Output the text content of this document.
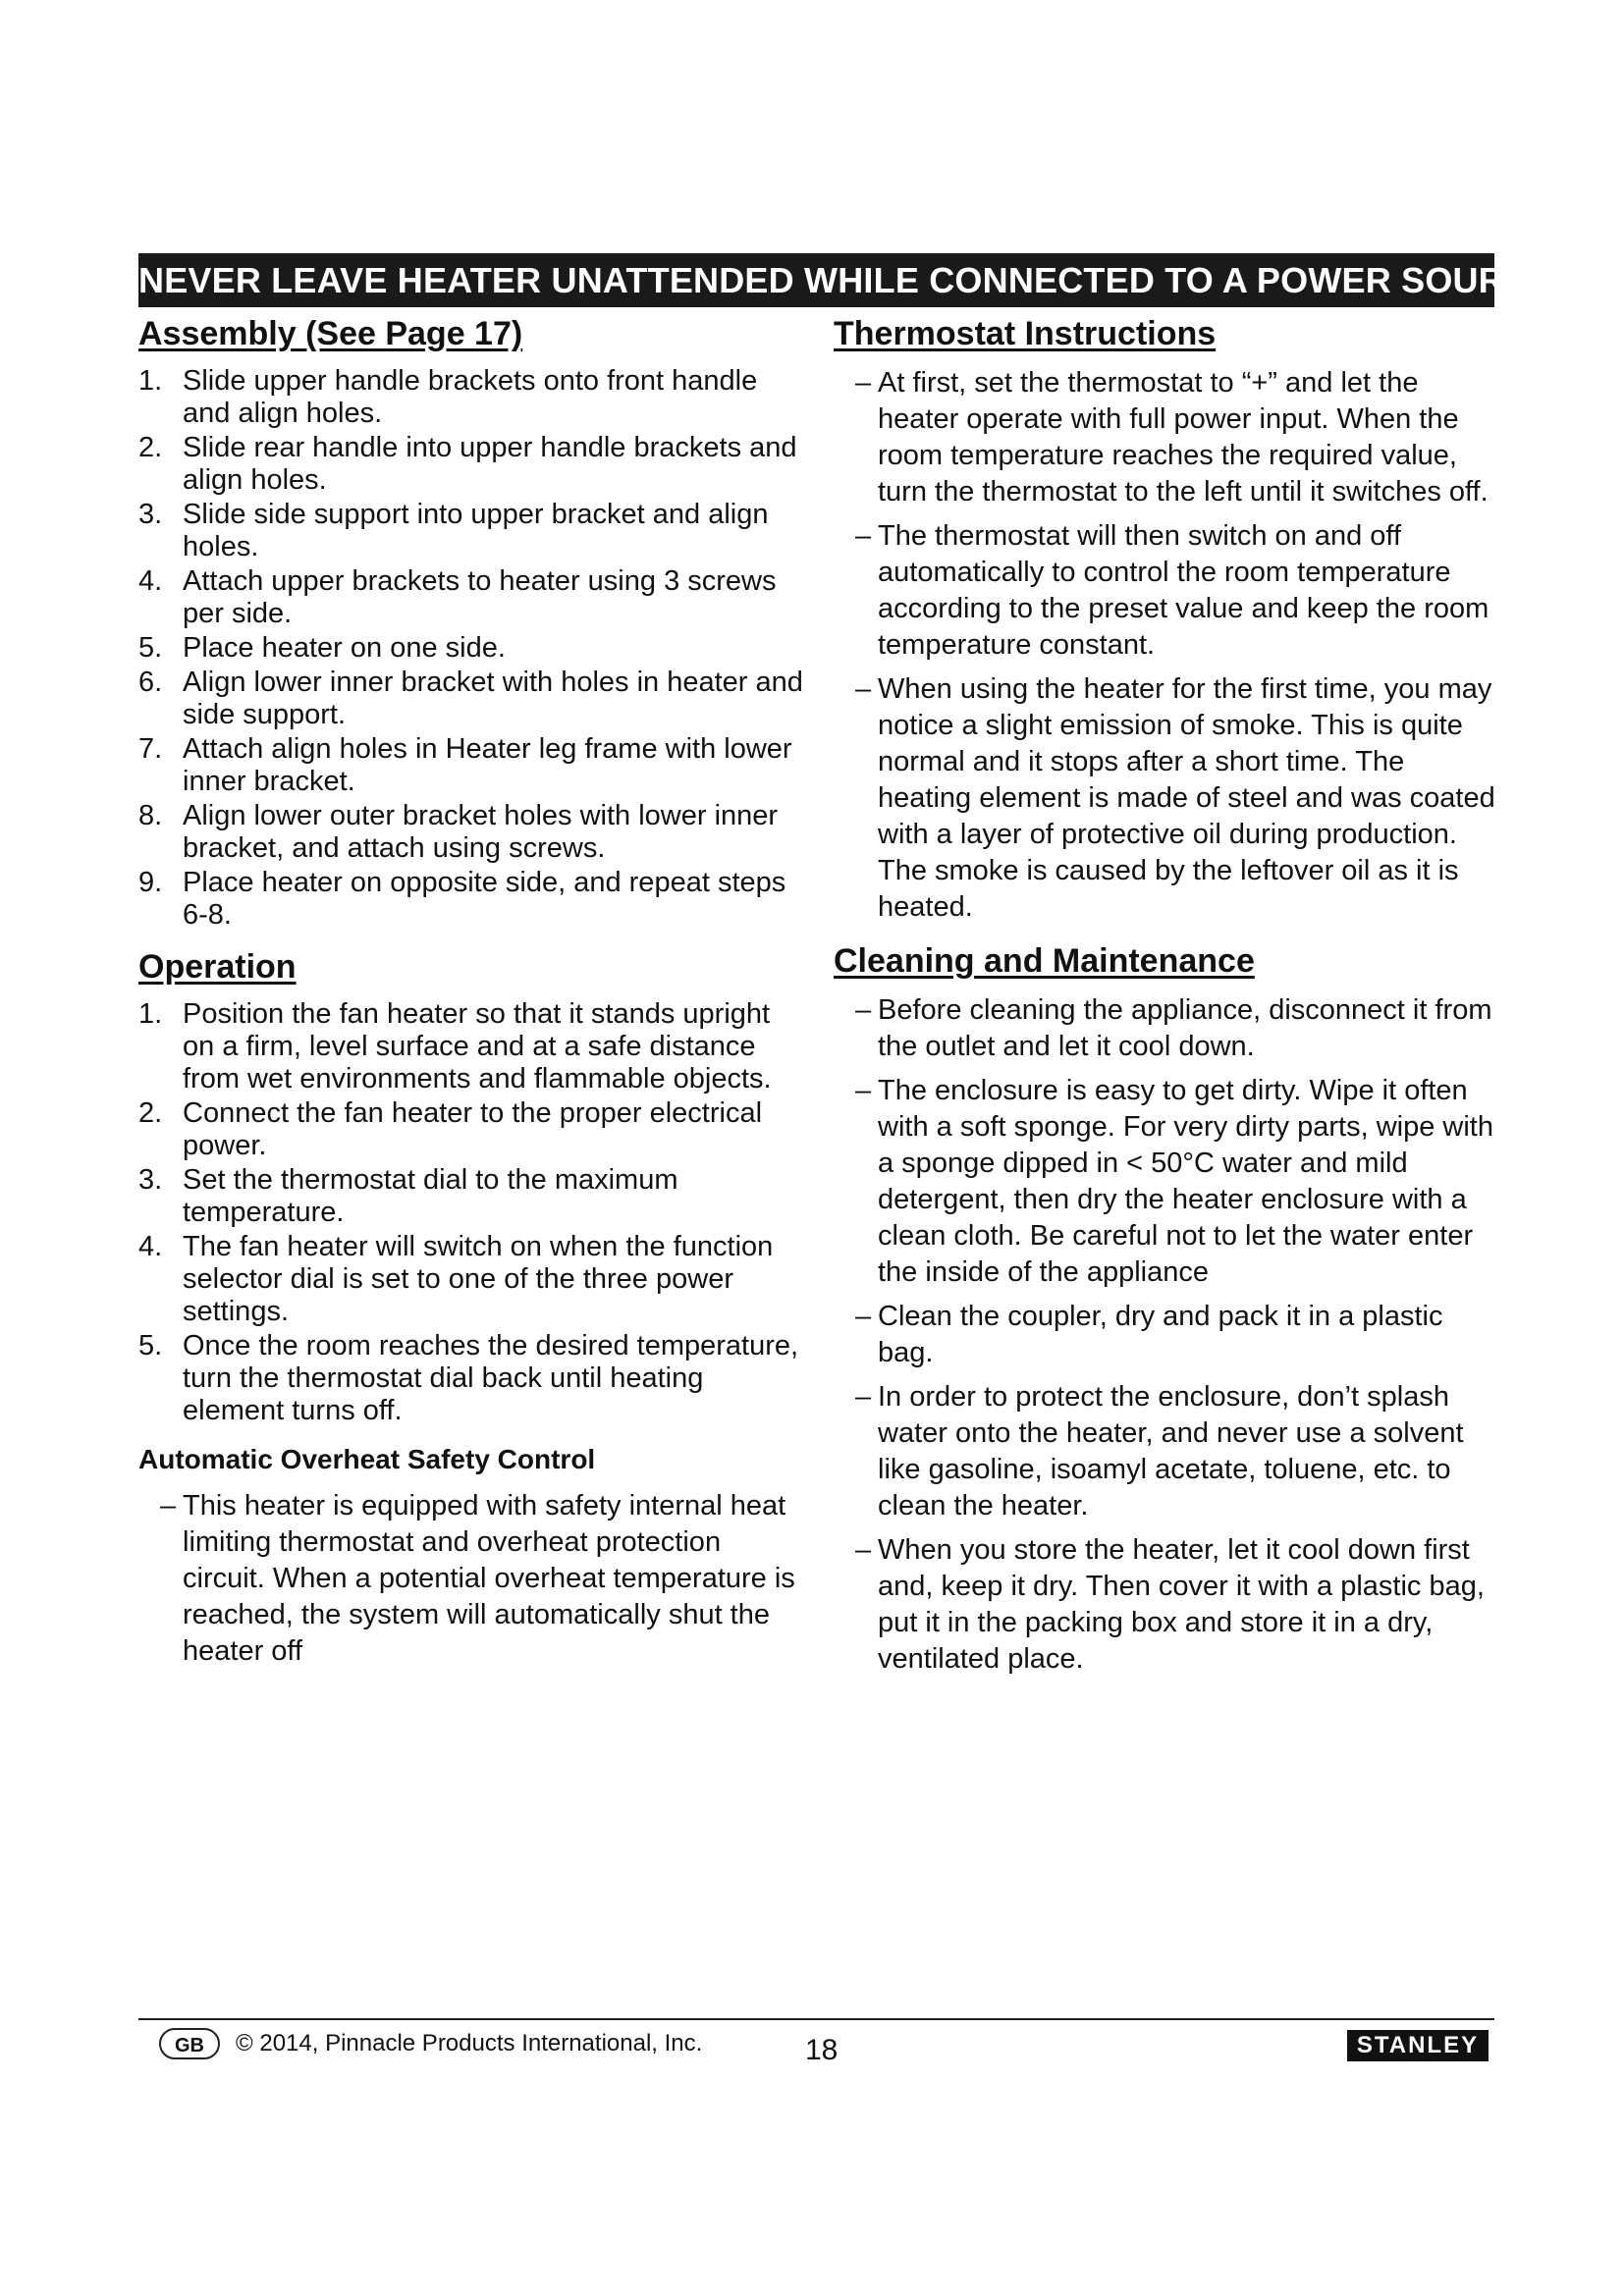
NEVER LEAVE HEATER UNATTENDED WHILE CONNECTED TO A POWER SOURCE
Assembly (See Page 17)
1. Slide upper handle brackets onto front handle and align holes.
2. Slide rear handle into upper handle brackets and align holes.
3. Slide side support into upper bracket and align holes.
4. Attach upper brackets to heater using 3 screws per side.
5. Place heater on one side.
6. Align lower inner bracket with holes in heater and side support.
7. Attach align holes in Heater leg frame with lower inner bracket.
8. Align lower outer bracket holes with lower inner bracket, and attach using screws.
9. Place heater on opposite side, and repeat steps 6-8.
Operation
1. Position the fan heater so that it stands upright on a firm, level surface and at a safe distance from wet environments and flammable objects.
2. Connect the fan heater to the proper electrical power.
3. Set the thermostat dial to the maximum temperature.
4. The fan heater will switch on when the function selector dial is set to one of the three power settings.
5. Once the room reaches the desired temperature, turn the thermostat dial back until heating element turns off.
Automatic Overheat Safety Control
– This heater is equipped with safety internal heat limiting thermostat and overheat protection circuit. When a potential overheat temperature is reached, the system will automatically shut the heater off
Thermostat Instructions
– At first, set the thermostat to “+” and let the heater operate with full power input. When the room temperature reaches the required value, turn the thermostat to the left until it switches off.
– The thermostat will then switch on and off automatically to control the room temperature according to the preset value and keep the room temperature constant.
– When using the heater for the first time, you may notice a slight emission of smoke. This is quite normal and it stops after a short time. The heating element is made of steel and was coated with a layer of protective oil during production. The smoke is caused by the leftover oil as it is heated.
Cleaning and Maintenance
– Before cleaning the appliance, disconnect it from the outlet and let it cool down.
– The enclosure is easy to get dirty. Wipe it often with a soft sponge. For very dirty parts, wipe with a sponge dipped in < 50°C water and mild detergent, then dry the heater enclosure with a clean cloth. Be careful not to let the water enter the inside of the appliance
– Clean the coupler, dry and pack it in a plastic bag.
– In order to protect the enclosure, don’t splash water onto the heater, and never use a solvent like gasoline, isoamyl acetate, toluene, etc. to clean the heater.
– When you store the heater, let it cool down first and, keep it dry. Then cover it with a plastic bag, put it in the packing box and store it in a dry, ventilated place.
GB	© 2014, Pinnacle Products International, Inc.	18	STANLEY
